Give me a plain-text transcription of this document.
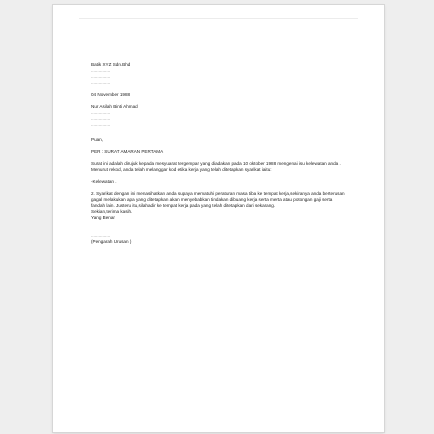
Batik XYZ Sdn.Bhd
...............
...............
...............
04 November 1988
Nur Asilah Binti Ahmad
...............
...............
...............
Puan,
PER : SURAT AMARAN PERTAMA
Surat ini adalah dirujuk kepada mesyuarat tergempar yang diadakan pada 10 oktober 1988 mengenai isu kelewatan anda . Menurut rekod, anda telah melanggar kod etika kerja yang telah ditetapkan syarikat iaitu:
-Kelewatan .
2. Syarikat dengan ini menasihatkan anda supaya mematuhi peraturan masa tiba ke tempat kerja,sekiranya anda berterusan gagal melakukan apa yang ditetapkan akan menyebabkan tindakan dibuang kerja serta merta atau potongan gaji serta fandah lain. Justeru itu,silahadir ke tempat kerja pada yang telah ditetapkan dari sekarang.
Sekian,terima kasih.
Yang Benar
...............
(Pengarah Urusan )
